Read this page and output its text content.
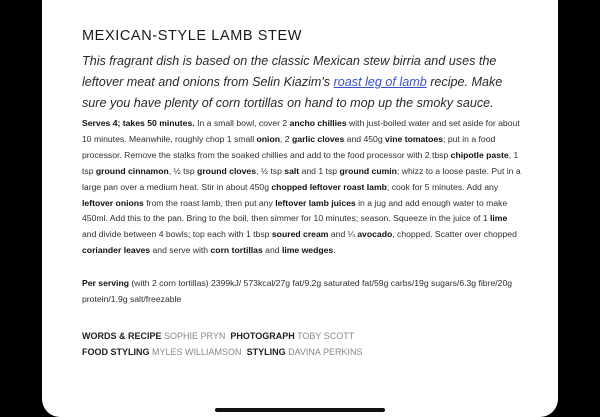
MEXICAN-STYLE LAMB STEW
This fragrant dish is based on the classic Mexican stew birria and uses the leftover meat and onions from Selin Kiazim's roast leg of lamb recipe. Make sure you have plenty of corn tortillas on hand to mop up the smoky sauce.
Serves 4; takes 50 minutes. In a small bowl, cover 2 ancho chillies with just-boiled water and set aside for about 10 minutes. Meanwhile, roughly chop 1 small onion, 2 garlic cloves and 450g vine tomatoes; put in a food processor. Remove the stalks from the soaked chillies and add to the food processor with 2 tbsp chipotle paste, 1 tsp ground cinnamon, ½ tsp ground cloves, ½ tsp salt and 1 tsp ground cumin; whizz to a loose paste. Put in a large pan over a medium heat. Stir in about 450g chopped leftover roast lamb; cook for 5 minutes. Add any leftover onions from the roast lamb, then put any leftover lamb juices in a jug and add enough water to make 450ml. Add this to the pan. Bring to the boil, then simmer for 10 minutes; season. Squeeze in the juice of 1 lime and divide between 4 bowls; top each with 1 tbsp soured cream and ¼ avocado, chopped. Scatter over chopped coriander leaves and serve with corn tortillas and lime wedges.
Per serving (with 2 corn tortillas) 2399kJ/ 573kcal/27g fat/9.2g saturated fat/59g carbs/19g sugars/6.3g fibre/20g protein/1.9g salt/freezable
WORDS & RECIPE SOPHIE PRYN PHOTOGRAPH TOBY SCOTT
FOOD STYLING MYLES WILLIAMSON STYLING DAVINA PERKINS
